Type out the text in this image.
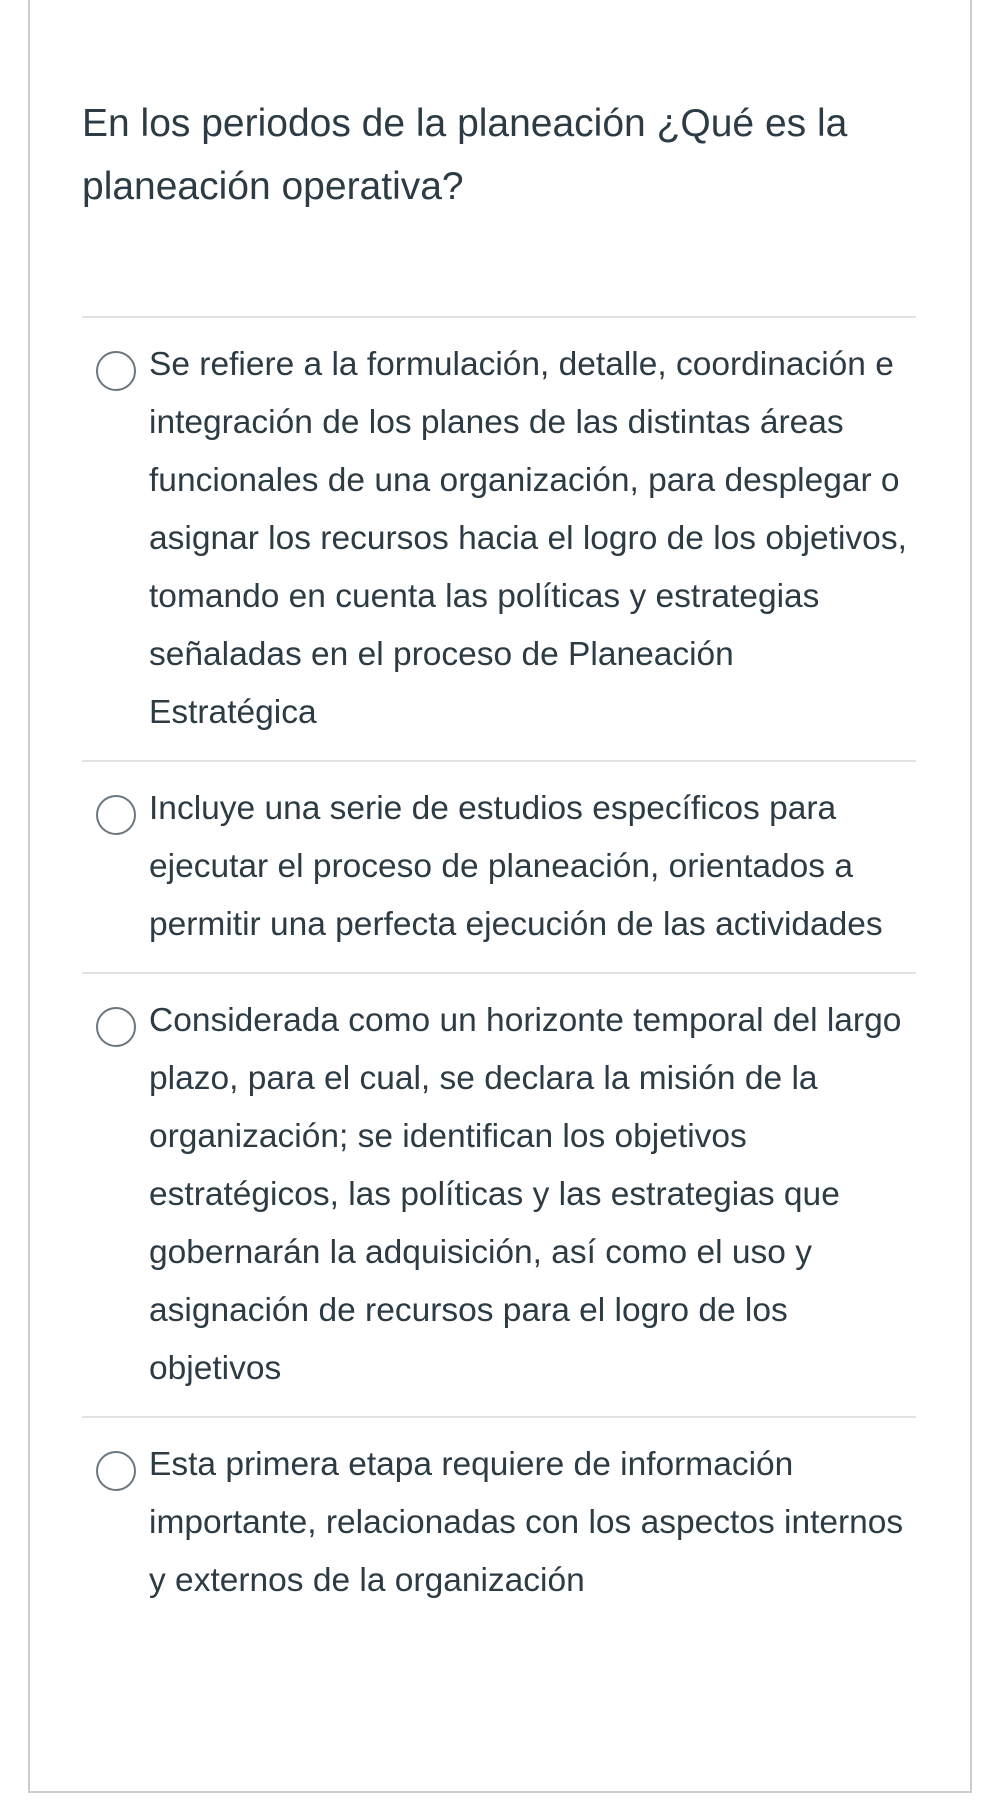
En los periodos de la planeación ¿Qué es la planeación operativa?
Se refiere a la formulación, detalle, coordinación e integración de los planes de las distintas áreas funcionales de una organización, para desplegar o asignar los recursos hacia el logro de los objetivos, tomando en cuenta las políticas y estrategias señaladas en el proceso de Planeación Estratégica
Incluye una serie de estudios específicos para ejecutar el proceso de planeación, orientados a permitir una perfecta ejecución de las actividades
Considerada como un horizonte temporal del largo plazo, para el cual, se declara la misión de la organización; se identifican los objetivos estratégicos, las políticas y las estrategias que gobernarán la adquisición, así como el uso y asignación de recursos para el logro de los objetivos
Esta primera etapa requiere de información importante, relacionadas con los aspectos internos y externos de la organización
